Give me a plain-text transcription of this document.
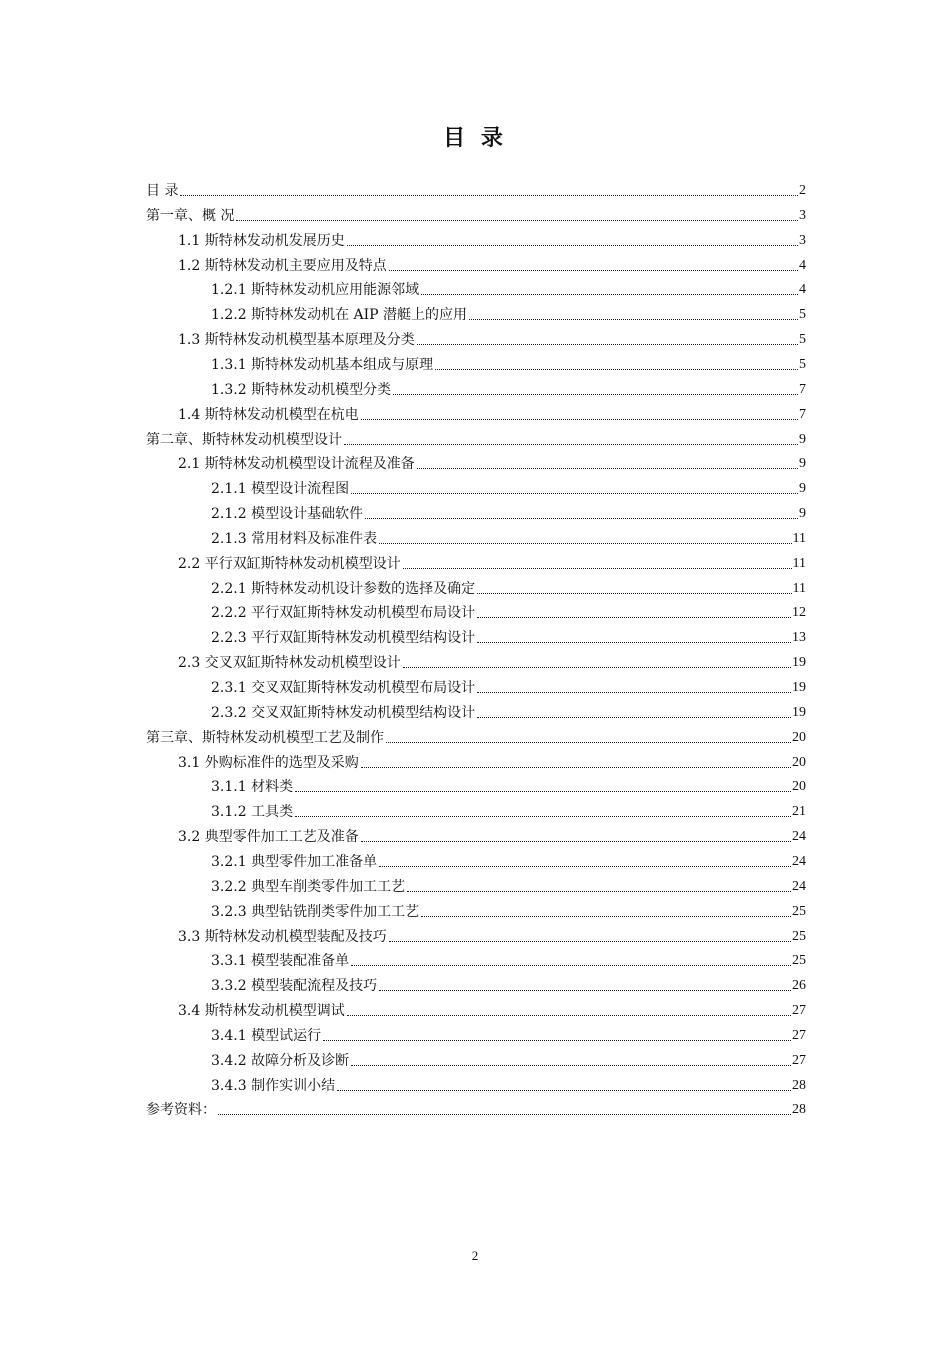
目 录
目 录	2
第一章、概 况	3
1.1 斯特林发动机发展历史	3
1.2 斯特林发动机主要应用及特点	4
1.2.1 斯特林发动机应用能源邻域	4
1.2.2 斯特林发动机在 AIP 潜艇上的应用	5
1.3 斯特林发动机模型基本原理及分类	5
1.3.1 斯特林发动机基本组成与原理	5
1.3.2 斯特林发动机模型分类	7
1.4 斯特林发动机模型在杭电	7
第二章、斯特林发动机模型设计	9
2.1 斯特林发动机模型设计流程及准备	9
2.1.1 模型设计流程图	9
2.1.2 模型设计基础软件	9
2.1.3 常用材料及标准件表	11
2.2 平行双缸斯特林发动机模型设计	11
2.2.1 斯特林发动机设计参数的选择及确定	11
2.2.2 平行双缸斯特林发动机模型布局设计	12
2.2.3 平行双缸斯特林发动机模型结构设计	13
2.3 交叉双缸斯特林发动机模型设计	19
2.3.1 交叉双缸斯特林发动机模型布局设计	19
2.3.2 交叉双缸斯特林发动机模型结构设计	19
第三章、斯特林发动机模型工艺及制作	20
3.1 外购标准件的选型及采购	20
3.1.1 材料类	20
3.1.2 工具类	21
3.2 典型零件加工工艺及准备	24
3.2.1 典型零件加工准备单	24
3.2.2 典型车削类零件加工工艺	24
3.2.3 典型钻铣削类零件加工工艺	25
3.3 斯特林发动机模型装配及技巧	25
3.3.1 模型装配准备单	25
3.3.2 模型装配流程及技巧	26
3.4 斯特林发动机模型调试	27
3.4.1 模型试运行	27
3.4.2 故障分析及诊断	27
3.4.3 制作实训小结	28
参考资料：	28
2
